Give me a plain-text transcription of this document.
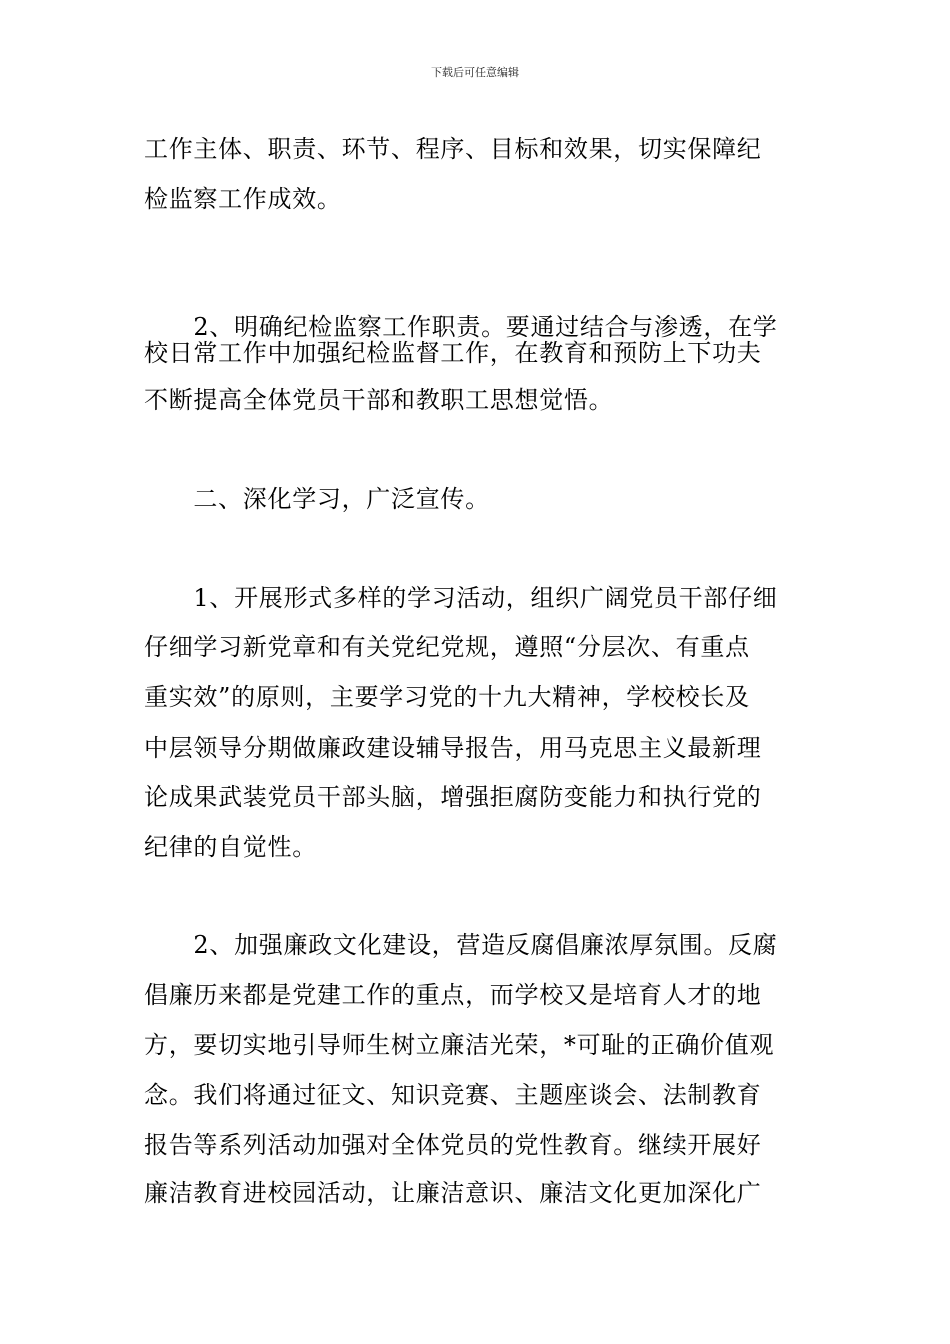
下载后可任意编辑
工作主体、职责、环节、程序、目标和效果，切实保障纪
检监察工作成效。
　　2、明确纪检监察工作职责。要通过结合与渗透，在学
校日常工作中加强纪检监督工作，在教育和预防上下功夫
不断提高全体党员干部和教职工思想觉悟。
　　二、深化学习，广泛宣传。
　　1、开展形式多样的学习活动，组织广阔党员干部仔细
仔细学习新党章和有关党纪党规，遵照“分层次、有重点
重实效”的原则，主要学习党的十九大精神，学校校长及
中层领导分期做廉政建设辅导报告，用马克思主义最新理
论成果武装党员干部头脑，增强拒腐防变能力和执行党的
纪律的自觉性。
　　2、加强廉政文化建设，营造反腐倡廉浓厚氛围。反腐
倡廉历来都是党建工作的重点，而学校又是培育人才的地
方，要切实地引导师生树立廉洁光荣，*可耻的正确价值观
念。我们将通过征文、知识竞赛、主题座谈会、法制教育
报告等系列活动加强对全体党员的党性教育。继续开展好
廉洁教育进校园活动，让廉洁意识、廉洁文化更加深化广
